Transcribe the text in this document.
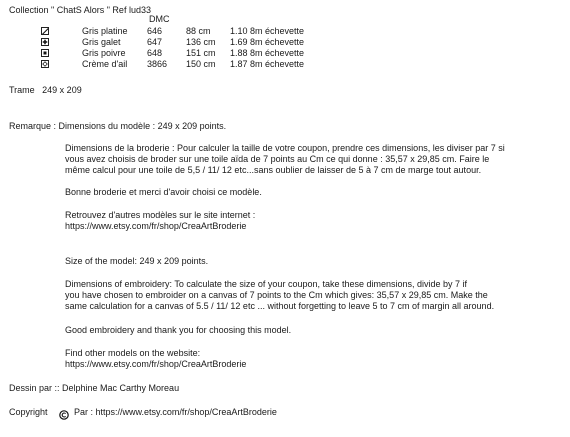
Collection " ChatS Alors " Ref lud33
DMC
Gris platine 646	88 cm 1.10 8m échevette
Gris galet	647	136 cm 1.69 8m échevette
Gris poivre 648	151 cm 1.88 8m échevette
Crème d'ail 3866 150 cm 1.87 8m échevette
Trame   249 x 209
Remarque : Dimensions du modèle : 249 x 209 points.
Dimensions de la broderie : Pour calculer la taille de votre coupon, prendre ces dimensions, les diviser par 7 si
vous avez choisis de broder sur une toile aïda de 7 points au Cm ce qui donne : 35,57 x 29,85 cm. Faire le
même calcul pour une toile de 5,5 / 11/ 12 etc...sans oublier de laisser de 5 à 7 cm de marge tout autour.
Bonne broderie et merci d'avoir choisi ce modèle.
Retrouvez d'autres modèles sur le site internet :
https://www.etsy.com/fr/shop/CreaArtBroderie
Size of the model: 249 x 209 points.
Dimensions of embroidery: To calculate the size of your coupon, take these dimensions, divide by 7 if
you have chosen to embroider on a canvas of 7 points to the Cm which gives: 35,57 x 29,85 cm. Make the
same calculation for a canvas of 5.5 / 11/ 12 etc ... without forgetting to leave 5 to 7 cm of margin all around.
Good embroidery and thank you for choosing this model.
Find other models on the website:
https://www.etsy.com/fr/shop/CreaArtBroderie
Dessin par :: Delphine Mac Carthy Moreau
Copyright	Par : https://www.etsy.com/fr/shop/CreaArtBroderie
